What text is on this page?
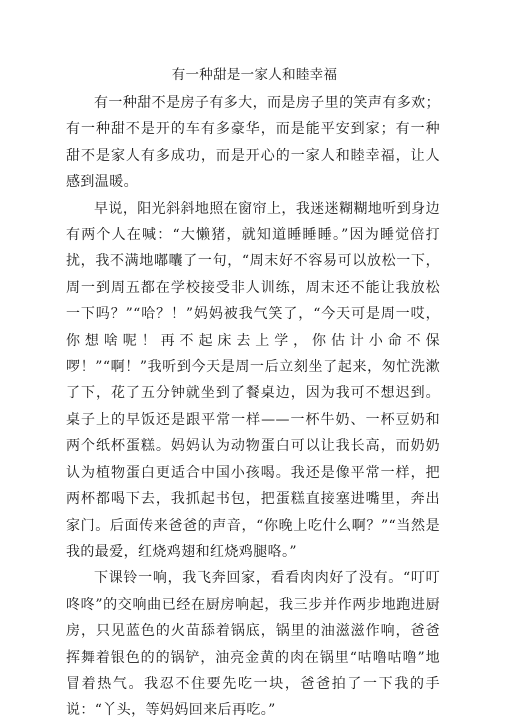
有一种甜是一家人和睦幸福

有一种甜不是房子有多大，而是房子里的笑声有多欢；有一种甜不是开的车有多豪华，而是能平安到家；有一种甜不是家人有多成功，而是开心的一家人和睦幸福，让人感到温暖。

早说，阳光斜斜地照在窗帘上，我迷迷糊糊地听到身边有两个人在喊：“大懒猪，就知道睡睡睡。”因为睡觉倍打扰，我不满地嘟囔了一句，“周末好不容易可以放松一下，周一到周五都在学校接受非人训练，周末还不能让我放松一下吗？”“哈？！”妈妈被我气笑了，“今天可是周一哎，你想啥呢！再不起床去上学，你估计小命不保啰！”“啊！”我听到今天是周一后立刻坐了起来，匆忙洗漱了下，花了五分钟就坐到了餐桌边，因为我可不想迟到。桌子上的早饭还是跟平常一样——一杯牛奶、一杯豆奶和两个纸杯蛋糕。妈妈认为动物蛋白可以让我长高，而奶奶认为植物蛋白更适合中国小孩喝。我还是像平常一样，把两杯都喝下去，我抓起书包，把蛋糕直接塞进嘴里，奔出家门。后面传来爸爸的声音，“你晚上吃什么啊？”“当然是我的最爱，红烧鸡翅和红烧鸡腿咯。”

下课铃一响，我飞奔回家，看看肉肉好了没有。“叮叮咚咚”的交响曲已经在厨房响起，我三步并作两步地跑进厨房，只见蓝色的火苗舔着锅底，锅里的油滋滋作响，爸爸挥舞着银色的的锅铲，油亮金黄的肉在锅里“咕噜咕噜”地冒着热气。我忍不住要先吃一块，爸爸拍了一下我的手说：“丫头，等妈妈回来后再吃。”
